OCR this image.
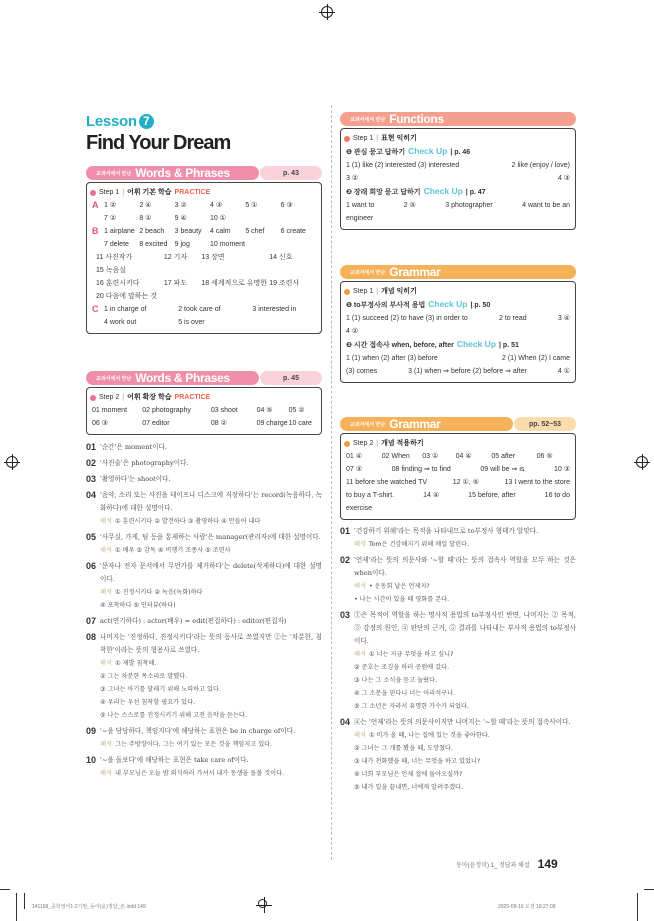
Lesson 7
Find Your Dream
교과서에서 만난 Words & Phrases	p. 43
Step 1 | 어휘 기본 학습 PRACTICE
A 1 ②	2 ④	3 ②	4 ③	5 ①	6 ③
7 ②	8 ①	9 ④	10 ①
B 1 airplane 2 beach	3 beauty	4 calm	5 chef	6 create
7 delete	8 excited	9 jog	10 moment
11 사진작가	12 기자	13 장면	14 신호
15 녹음실
16 훈련시키다	17 파도	18 세계적으로 유명한 19 조련사
20 다음에 말하는 것
C 1 in charge of	2 took care of	3 interested in
4 work out	5 is over
교과서에서 만난 Words & Phrases	p. 45
Step 2 | 어휘 확장 학습 PRACTICE
01 moment	02 photography	03 shoot	04 ⑤	05 ②
06 ③	07 editor	08 ②	09 charge 10 care
01 '순간'은 moment이다.
02 '사진술'은 photography이다.
03 '촬영하다'는 shoot이다.
04 '음악, 소리 또는 사진을 테이프나 디스크에 저장하다'는 record(녹음하다, 녹화하다)에 대한 설명이다.
해석 ① 훈련시키다 ② 발견하다 ③ 촬영하다 ④ 만들어 내다
05 '사무실, 가게, 팀 등을 통제하는 사람'은 manager(관리자)에 대한 설명이다.
해석 ① 배우 ③ 감독 ④ 비행기 조종사 ⑤ 조련사
06 '문자나 전자 문서에서 무언가를 제거하다'는 delete(삭제하다)에 대한 설명이다.
해석 ① 진정시키다 ② 녹음(녹화)하다
④ 포착하다 ⑤ 인터뷰(하다)
07 act(연기하다) : actor(배우) = edit(편집하다) : editor(편집자)
08 나머지는 '진정하다, 진정시키다'라는 뜻의 동사로 쓰였지만 ②는 '차분한, 침착한'이라는 뜻의 형용사로 쓰였다.
해석 ① 제발 침착해.
② 그는 차분한 목소리로 말했다.
③ 그녀는 아기를 달래기 위해 노력하고 있다.
④ 우리는 우선 침착할 필요가 있다.
⑤ 나는 스스로를 진정시키기 위해 고전 음악을 듣는다.
09 '~을 담당하다, 책임지다'에 해당하는 표현은 be in charge of이다.
해석 그는 주방장이다. 그는 여기 있는 모든 것을 책임지고 있다.
10 '~을 돌보다'에 해당하는 표현은 take care of이다.
해석 내 부모님은 오늘 밤 외식하러 가셔서 내가 동생을 돌볼 것이다.
교과서에서 만난 Functions
Step 1 | 표현 익히기
❶ 관심 묻고 답하기 Check Up | p. 46
1 (1) like (2) interested (3) interested	2 like (enjoy / love)
3 ②	4 ③
❷ 장래 희망 묻고 답하기 Check Up | p. 47
1 want to	2 ⑤	3 photographer	4 want to be an
engineer
교과서에서 만난 Grammar
Step 1 | 개념 익히기
❶ to부정사의 부사적 용법 Check Up | p. 50
1 (1) succeed (2) to have (3) in order to	2 to read	3 ④
4 ②
❷ 시간 접속사 when, before, after Check Up | p. 51
1 (1) when (2) after (3) before	2 (1) When (2) I came
(3) comes	3 (1) when ⇒ before (2) before ⇒ after	4 ①
교과서에서 만난 Grammar	pp. 52~53
Step 2 | 개념 적용하기
01 ④	02 When	03 ①	04 ④	05 after	06 ⑤
07 ③	08 finding ⇒ to find	09 will be ⇒ is	10 ③
11 before she watched TV	12 ①, ⑤	13 I went to the store
to buy a T-shirt.	14 ④	15 before, after	16 to do
exercise
01 '건강하기 위해'라는 목적을 나타내므로 to부정사 형태가 알맞다.
해석 Tom은 건강해지기 위해 매일 달린다.
02 '언제'라는 뜻의 의문사와 '~할 때'라는 뜻의 접속사 역할을 모두 하는 것은 when이다.
해석 • 운동회 날은 언제지?
• 나는 시간이 있을 때 영화를 본다.
03 ①은 목적어 역할을 하는 명사적 용법의 to부정사인 반면, 나머지는 ② 목적, ③ 감정의 원인, ④ 판단의 근거, ⑤ 결과를 나타내는 부사적 용법의 to부정사이다.
해석 ① 너는 지금 무엇을 하고 싶니?
② 준호는 조깅을 하러 공원에 갔다.
③ 나는 그 소식을 듣고 놀랐다.
④ 그 소문을 믿다니 너는 어리석구나.
⑤ 그 소년은 자라서 유명한 가수가 되었다.
04 ④는 '언제'라는 뜻의 의문사이지만 나머지는 '~할 때'라는 뜻의 접속사이다.
해석 ① 비가 올 때, 나는 집에 있는 것을 좋아한다.
② 그녀는 그 개를 봤을 때, 도망쳤다.
③ 내가 전화했을 때, 너는 무엇을 하고 있었니?
④ 너희 부모님은 언제 집에 돌아오실까?
⑤ 내가 일을 끝내면, 너에게 알려주겠다.
동아(윤정미) 1_ 정답과 해설 149
141168_중학영어1-2기말_동아(윤)정답_본.indd 149	2025-09-10 오전 10:27:08
